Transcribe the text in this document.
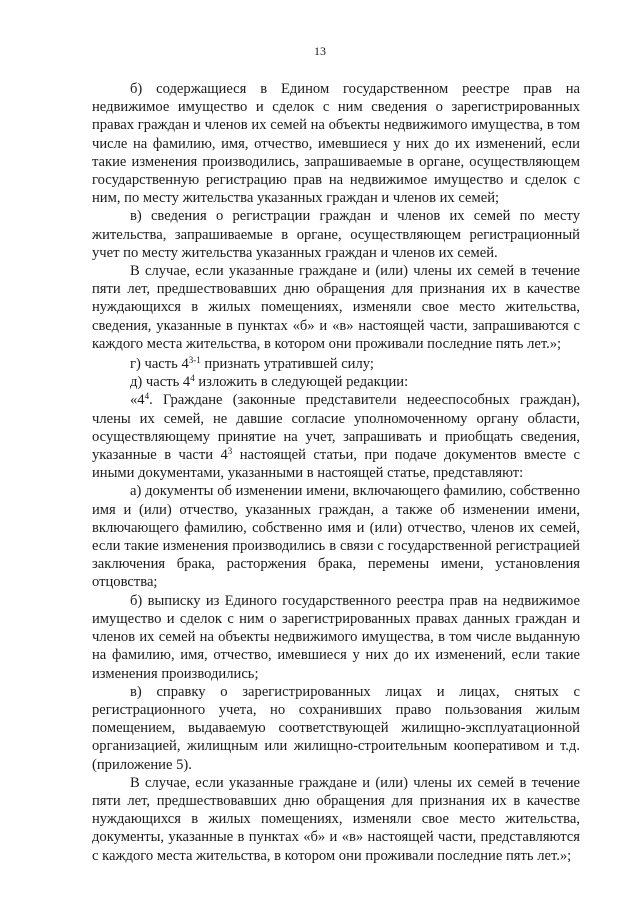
13

б) содержащиеся в Едином государственном реестре прав на недвижимое имущество и сделок с ним сведения о зарегистрированных правах граждан и членов их семей на объекты недвижимого имущества, в том числе на фамилию, имя, отчество, имевшиеся у них до их изменений, если такие изменения производились, запрашиваемые в органе, осуществляющем государственную регистрацию прав на недвижимое имущество и сделок с ним, по месту жительства указанных граждан и членов их семей;

в) сведения о регистрации граждан и членов их семей по месту жительства, запрашиваемые в органе, осуществляющем регистрационный учет по месту жительства указанных граждан и членов их семей.

В случае, если указанные граждане и (или) члены их семей в течение пяти лет, предшествовавших дню обращения для признания их в качестве нуждающихся в жилых помещениях, изменяли свое место жительства, сведения, указанные в пунктах «б» и «в» настоящей части, запрашиваются с каждого места жительства, в котором они проживали последние пять лет.»;

г) часть 4$^{3-1}$ признать утратившей силу;

д) часть $4^4$ изложить в следующей редакции:

«$4^4$. Граждане (законные представители недееспособных граждан), члены их семей, не давшие согласие уполномоченному органу области, осуществляющему принятие на учет, запрашивать и приобщать сведения, указанные в части $4^3$ настоящей статьи, при подаче документов вместе с иными документами, указанными в настоящей статье, представляют:

а) документы об изменении имени, включающего фамилию, собственно имя и (или) отчество, указанных граждан, а также об изменении имени, включающего фамилию, собственно имя и (или) отчество, членов их семей, если такие изменения производились в связи с государственной регистрацией заключения брака, расторжения брака, перемены имени, установления отцовства;

б) выписку из Единого государственного реестра прав на недвижимое имущество и сделок с ним о зарегистрированных правах данных граждан и членов их семей на объекты недвижимого имущества, в том числе выданную на фамилию, имя, отчество, имевшиеся у них до их изменений, если такие изменения производились;

в) справку о зарегистрированных лицах и лицах, снятых с регистрационного учета, но сохранивших право пользования жилым помещением, выдаваемую соответствующей жилищно-эксплуатационной организацией, жилищным или жилищно-строительным кооперативом и т.д. (приложение 5).

В случае, если указанные граждане и (или) члены их семей в течение пяти лет, предшествовавших дню обращения для признания их в качестве нуждающихся в жилых помещениях, изменяли свое место жительства, документы, указанные в пунктах «б» и «в» настоящей части, представляются с каждого места жительства, в котором они проживали последние пять лет.»;
